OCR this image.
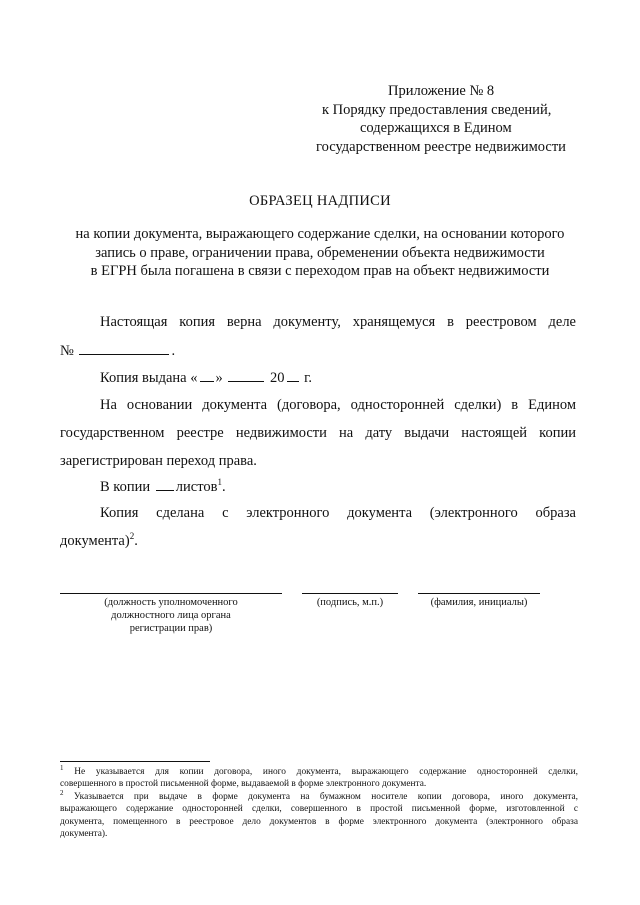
Приложение № 8
к Порядку предоставления сведений,
содержащихся в Едином
государственном реестре недвижимости
ОБРАЗЕЦ НАДПИСИ
на копии документа, выражающего содержание сделки, на основании которого
запись о праве, ограничении права, обременении объекта недвижимости
в ЕГРН была погашена в связи с переходом прав на объект недвижимости
Настоящая копия верна документу, хранящемуся в реестровом деле
№	.
Копия выдана « »	20 г.
На основании документа (договора, односторонней сделки) в Едином
государственном реестре недвижимости на дату выдачи настоящей копии
зарегистрирован переход права.
В копии листов$^1$.
Копия сделана с электронного документа (электронного образа
документа)$^2$.
(должность уполномоченного
должностного лица органа
регистрации прав)
(подпись, м.п.)	(фамилия, инициалы)
$^1$ Не указывается для копии договора, иного документа, выражающего содержание односторонней сделки,
совершенного в простой письменной форме, выдаваемой в форме электронного документа.
$^2$ Указывается при выдаче в форме документа на бумажном носителе копии договора, иного документа,
выражающего содержание односторонней сделки, совершенного в простой письменной форме, изготовленной с
документа, помещенного в реестровое дело документов в форме электронного документа (электронного образа
документа).
